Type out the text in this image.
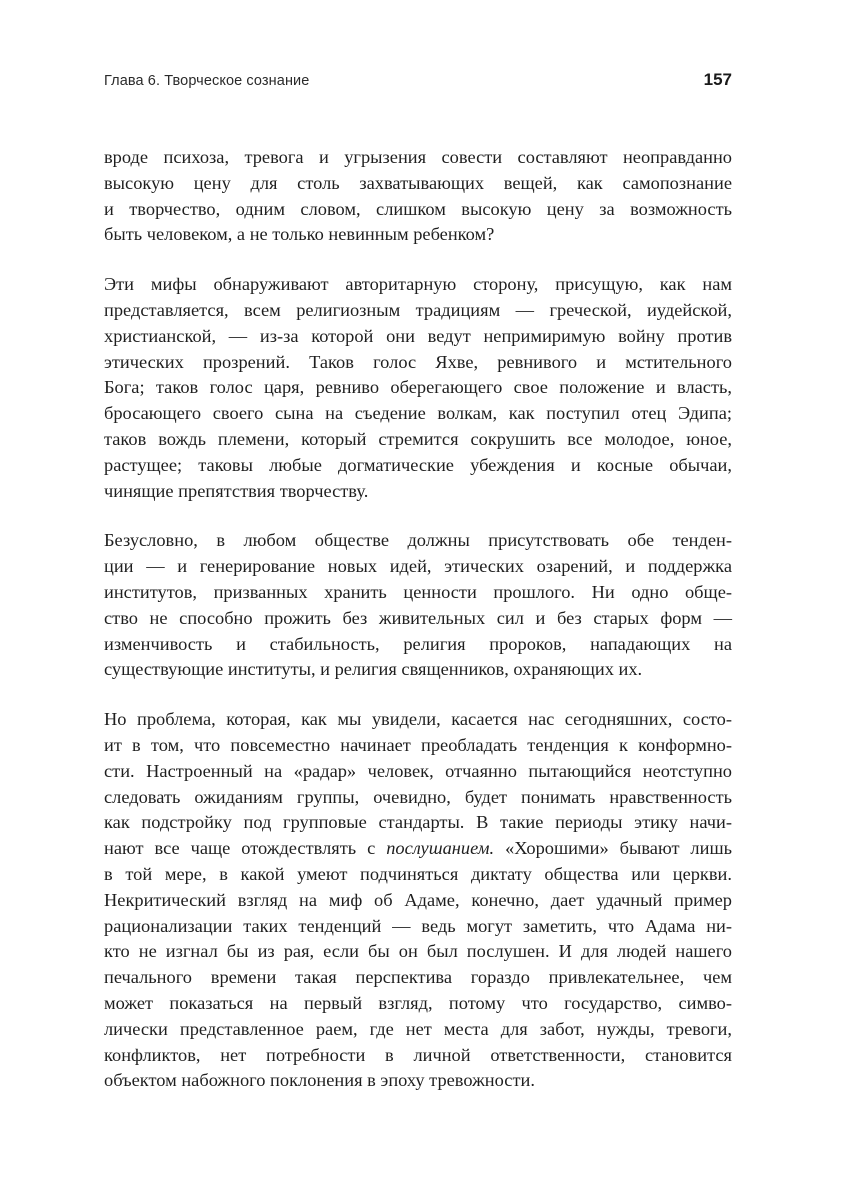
Глава 6. Творческое сознание	157
вроде психоза, тревога и угрызения совести составляют неоправданно
высокую цену для столь захватывающих вещей, как самопознание
и творчество, одним словом, слишком высокую цену за возможность
быть человеком, а не только невинным ребенком?
Эти мифы обнаруживают авторитарную сторону, присущую, как нам
представляется, всем религиозным традициям — греческой, иудейской,
христианской, — из-за которой они ведут непримиримую войну против
этических прозрений. Таков голос Яхве, ревнивого и мстительного
Бога; таков голос царя, ревниво оберегающего свое положение и власть,
бросающего своего сына на съедение волкам, как поступил отец Эдипа;
таков вождь племени, который стремится сокрушить все молодое, юное,
растущее; таковы любые догматические убеждения и косные обычаи,
чинящие препятствия творчеству.
Безусловно, в любом обществе должны присутствовать обе тенден-
ции — и генерирование новых идей, этических озарений, и поддержка
институтов, призванных хранить ценности прошлого. Ни одно обще-
ство не способно прожить без живительных сил и без старых форм —
изменчивость и стабильность, религия пророков, нападающих на
существующие институты, и религия священников, охраняющих их.
Но проблема, которая, как мы увидели, касается нас сегодняшних, состо-
ит в том, что повсеместно начинает преобладать тенденция к конформно-
сти. Настроенный на «радар» человек, отчаянно пытающийся неотступно
следовать ожиданиям группы, очевидно, будет понимать нравственность
как подстройку под групповые стандарты. В такие периоды этику начи-
нают все чаще отождествлять с послушанием. «Хорошими» бывают лишь
в той мере, в какой умеют подчиняться диктату общества или церкви.
Некритический взгляд на миф об Адаме, конечно, дает удачный пример
рационализации таких тенденций — ведь могут заметить, что Адама ни-
кто не изгнал бы из рая, если бы он был послушен. И для людей нашего
печального времени такая перспектива гораздо привлекательнее, чем
может показаться на первый взгляд, потому что государство, симво-
лически представленное раем, где нет места для забот, нужды, тревоги,
конфликтов, нет потребности в личной ответственности, становится
объектом набожного поклонения в эпоху тревожности.
